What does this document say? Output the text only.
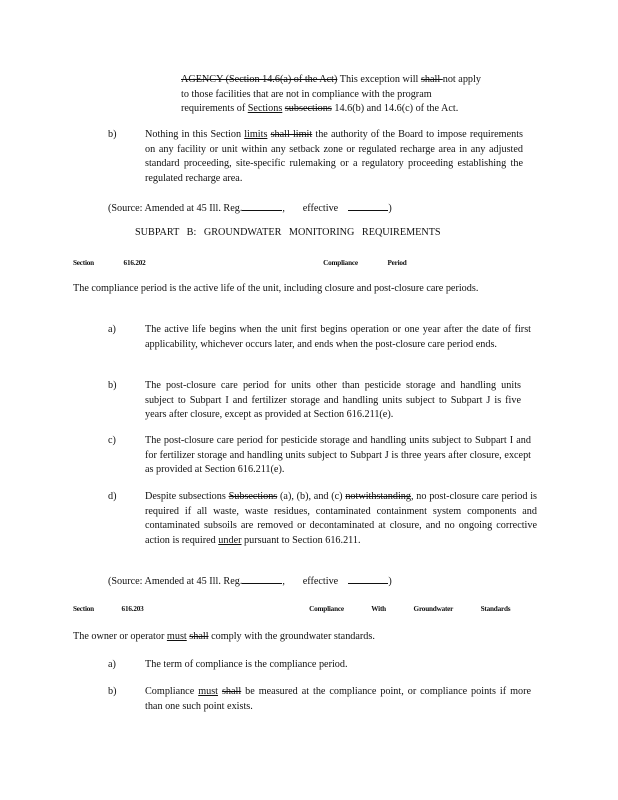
AGENCY (Section 14.6(a) of the Act) This exception will shall not apply
to those facilities that are not in compliance with the program
requirements of Sections subsections 14.6(b) and 14.6(c) of the Act.
b)	Nothing in this Section limits shall limit the authority of the Board to impose requirements on any facility or unit within any setback zone or regulated recharge area in any adjusted standard proceeding, site-specific rulemaking or a regulatory proceeding establishing the regulated recharge area.
(Source: Amended at 45 Ill. Reg.	,       effective	)
SUBPART B: GROUNDWATER MONITORING REQUIREMENTS
Section 616.202	Compliance Period
The compliance period is the active life of the unit, including closure and post-closure care periods.
a)	The active life begins when the unit first begins operation or one year after the date of first applicability, whichever occurs later, and ends when the post-closure care period ends.
b)	The post-closure care period for units other than pesticide storage and handling units subject to Subpart I and fertilizer storage and handling units subject to Subpart J is five years after closure, except as provided at Section 616.211(e).
c)	The post-closure care period for pesticide storage and handling units subject to Subpart I and for fertilizer storage and handling units subject to Subpart J is three years after closure, except as provided at Section 616.211(e).
d)	Despite subsections Subsections (a), (b), and (c) notwithstanding, no post-closure care period is required if all waste, waste residues, contaminated containment system components and contaminated subsoils are removed or decontaminated at closure, and no ongoing corrective action is required under pursuant to Section 616.211.
(Source: Amended at 45 Ill. Reg.	,       effective	)
Section 616.203	Compliance With Groundwater Standards
The owner or operator must shall comply with the groundwater standards.
a)	The term of compliance is the compliance period.
b)	Compliance must shall be measured at the compliance point, or compliance points if more than one such point exists.
